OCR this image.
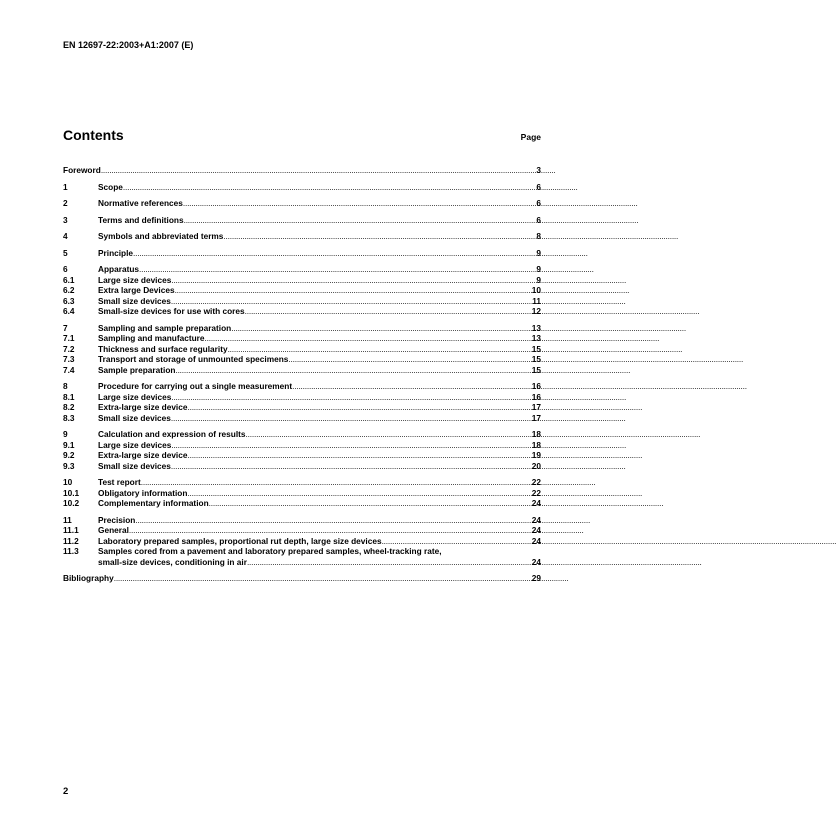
EN 12697-22:2003+A1:2007 (E)
Contents	Page
Foreword .....	3
1	Scope .....	6
2	Normative references .....	6
3	Terms and definitions .....	6
4	Symbols and abbreviated terms .....	8
5	Principle .....	9
6	Apparatus .....	9
6.1	Large size devices .....	9
6.2	Extra large Devices .....	10
6.3	Small size devices .....	11
6.4	Small-size devices for use with cores .....	12
7	Sampling and sample preparation .....	13
7.1	Sampling and manufacture .....	13
7.2	Thickness and surface regularity .....	15
7.3	Transport and storage of unmounted specimens .....	15
7.4	Sample preparation .....	15
8	Procedure for carrying out a single measurement .....	16
8.1	Large size devices .....	16
8.2	Extra-large size device .....	17
8.3	Small size devices .....	17
9	Calculation and expression of results .....	18
9.1	Large size devices .....	18
9.2	Extra-large size device .....	19
9.3	Small size devices .....	20
10	Test report .....	22
10.1	Obligatory information .....	22
10.2	Complementary information .....	24
11	Precision .....	24
11.1	General .....	24
11.2	Laboratory prepared samples, proportional rut depth, large size devices .....	24
11.3	Samples cored from a pavement and laboratory prepared samples, wheel-tracking rate,
small-size devices, conditioning in air .....	24
Bibliography .....	29
2
